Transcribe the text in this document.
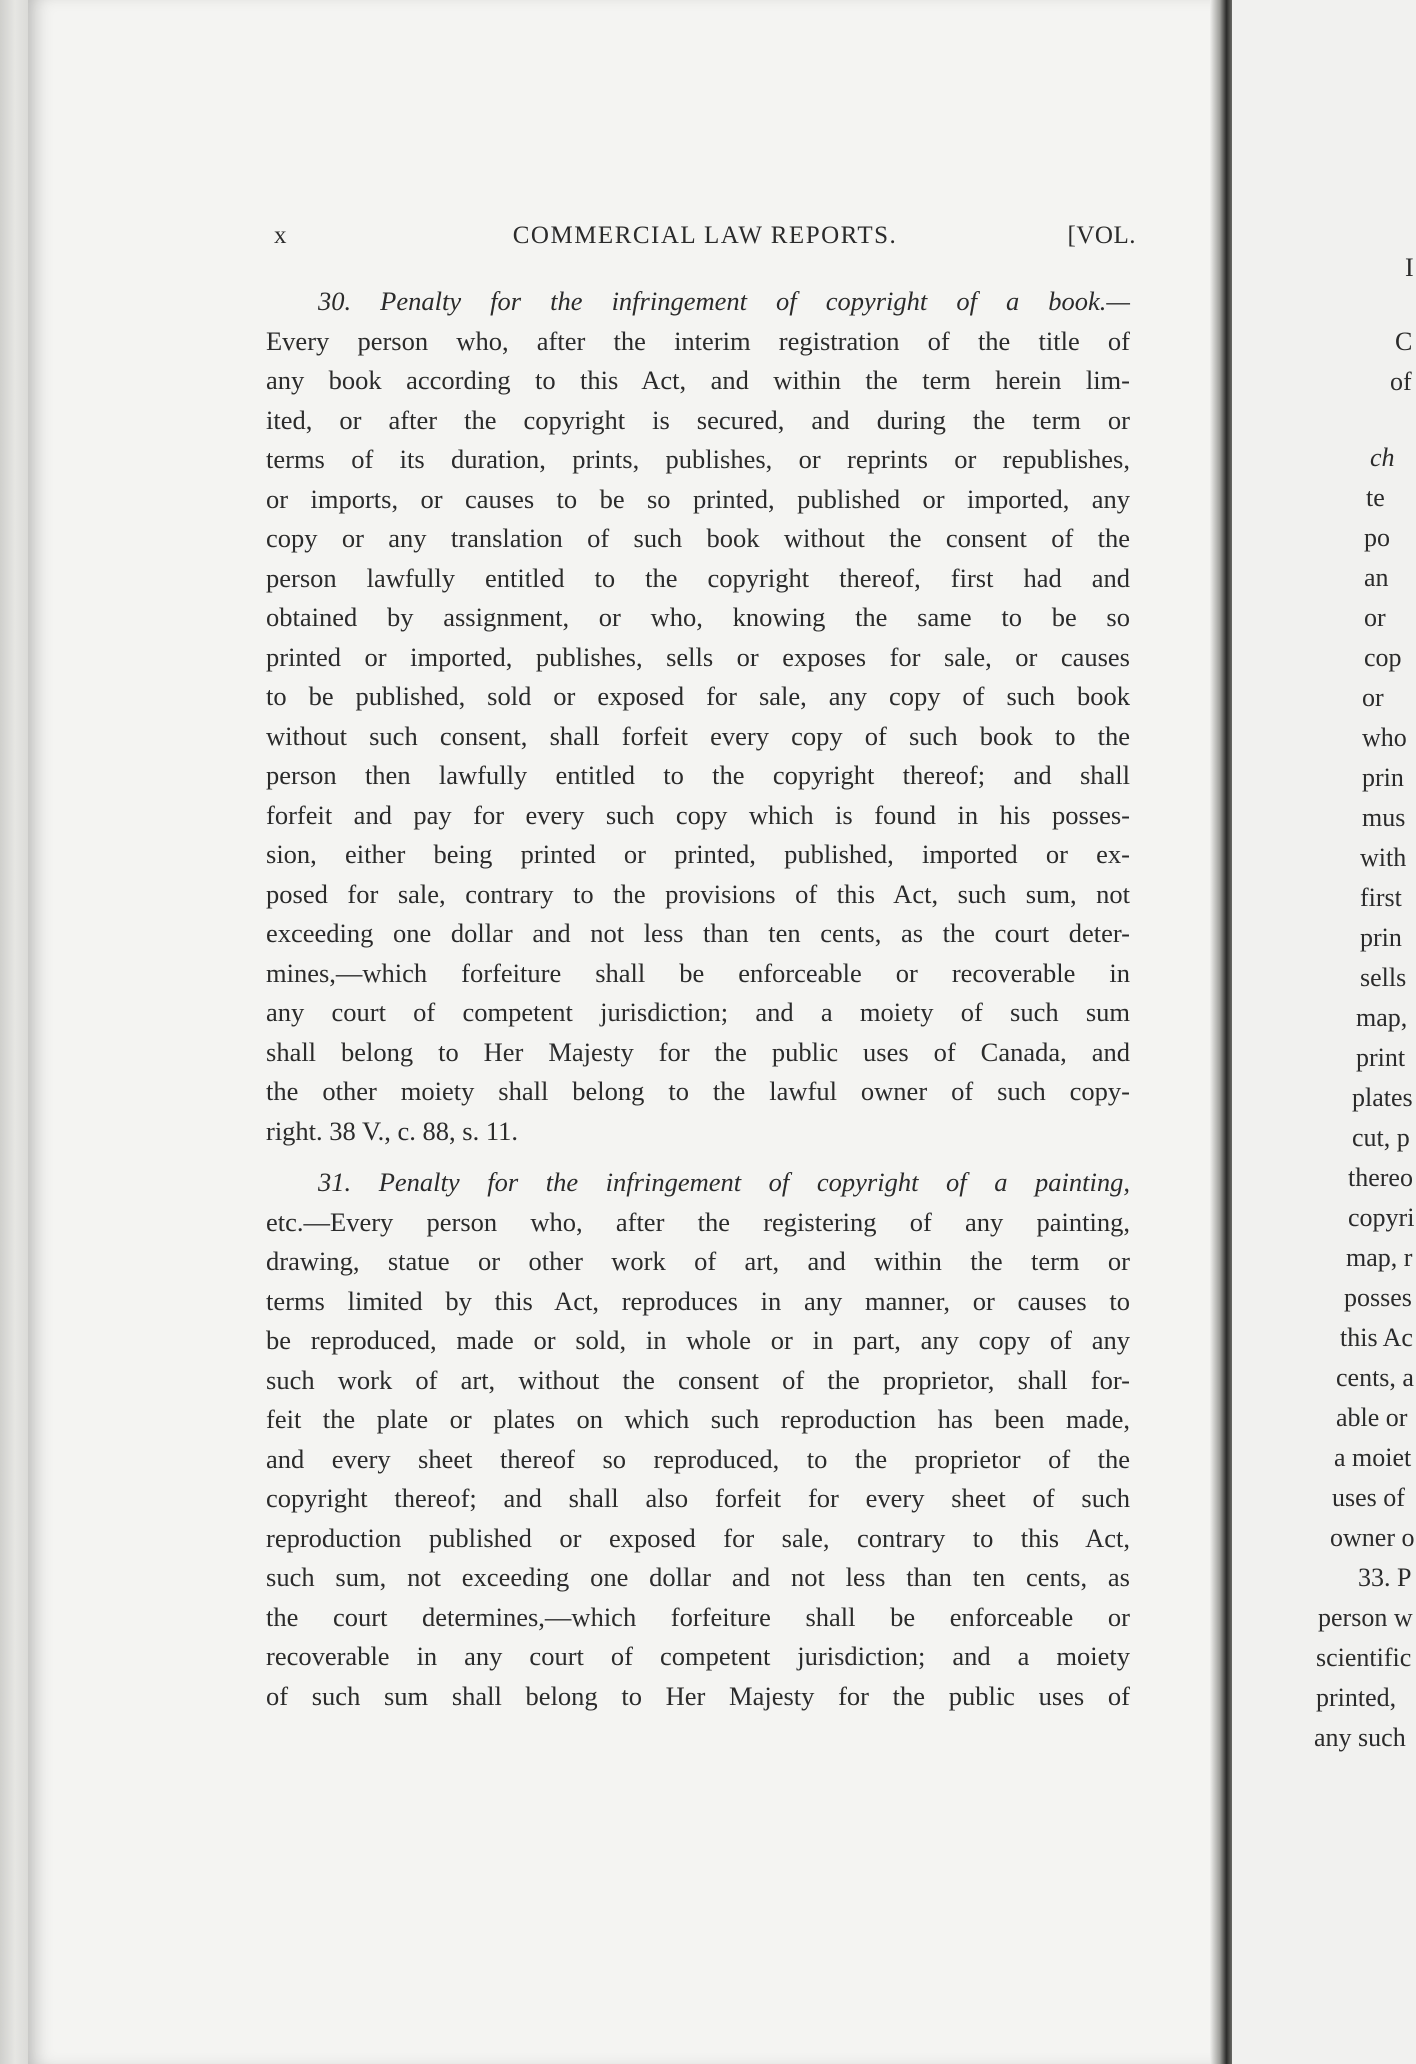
x	COMMERCIAL LAW REPORTS.	[VOL.
30. Penalty for the infringement of copyright of a book.—
Every person who, after the interim registration of the title of
any book according to this Act, and within the term herein lim-
ited, or after the copyright is secured, and during the term or
terms of its duration, prints, publishes, or reprints or republishes,
or imports, or causes to be so printed, published or imported, any
copy or any translation of such book without the consent of the
person lawfully entitled to the copyright thereof, first had and
obtained by assignment, or who, knowing the same to be so
printed or imported, publishes, sells or exposes for sale, or causes
to be published, sold or exposed for sale, any copy of such book
without such consent, shall forfeit every copy of such book to the
person then lawfully entitled to the copyright thereof; and shall
forfeit and pay for every such copy which is found in his posses-
sion, either being printed or printed, published, imported or ex-
posed for sale, contrary to the provisions of this Act, such sum, not
exceeding one dollar and not less than ten cents, as the court deter-
mines,—which forfeiture shall be enforceable or recoverable in
any court of competent jurisdiction; and a moiety of such sum
shall belong to Her Majesty for the public uses of Canada, and
the other moiety shall belong to the lawful owner of such copy-
right. 38 V., c. 88, s. 11.
31. Penalty for the infringement of copyright of a painting,
etc.—Every person who, after the registering of any painting,
drawing, statue or other work of art, and within the term or
terms limited by this Act, reproduces in any manner, or causes to
be reproduced, made or sold, in whole or in part, any copy of any
such work of art, without the consent of the proprietor, shall for-
feit the plate or plates on which such reproduction has been made,
and every sheet thereof so reproduced, to the proprietor of the
copyright thereof; and shall also forfeit for every sheet of such
reproduction published or exposed for sale, contrary to this Act,
such sum, not exceeding one dollar and not less than ten cents, as
the court determines,—which forfeiture shall be enforceable or
recoverable in any court of competent jurisdiction; and a moiety
of such sum shall belong to Her Majesty for the public uses of
I
C
of
ch
te
po
an
or
cop
or
who
prin
mus
with
first
prin
sells
map,
print
plates
cut, p
thereo
copyri
map, r
posses
this Ac
cents, a
able or
a moiet
uses of
owner o
33. P
person w
scientific
printed,
any such
